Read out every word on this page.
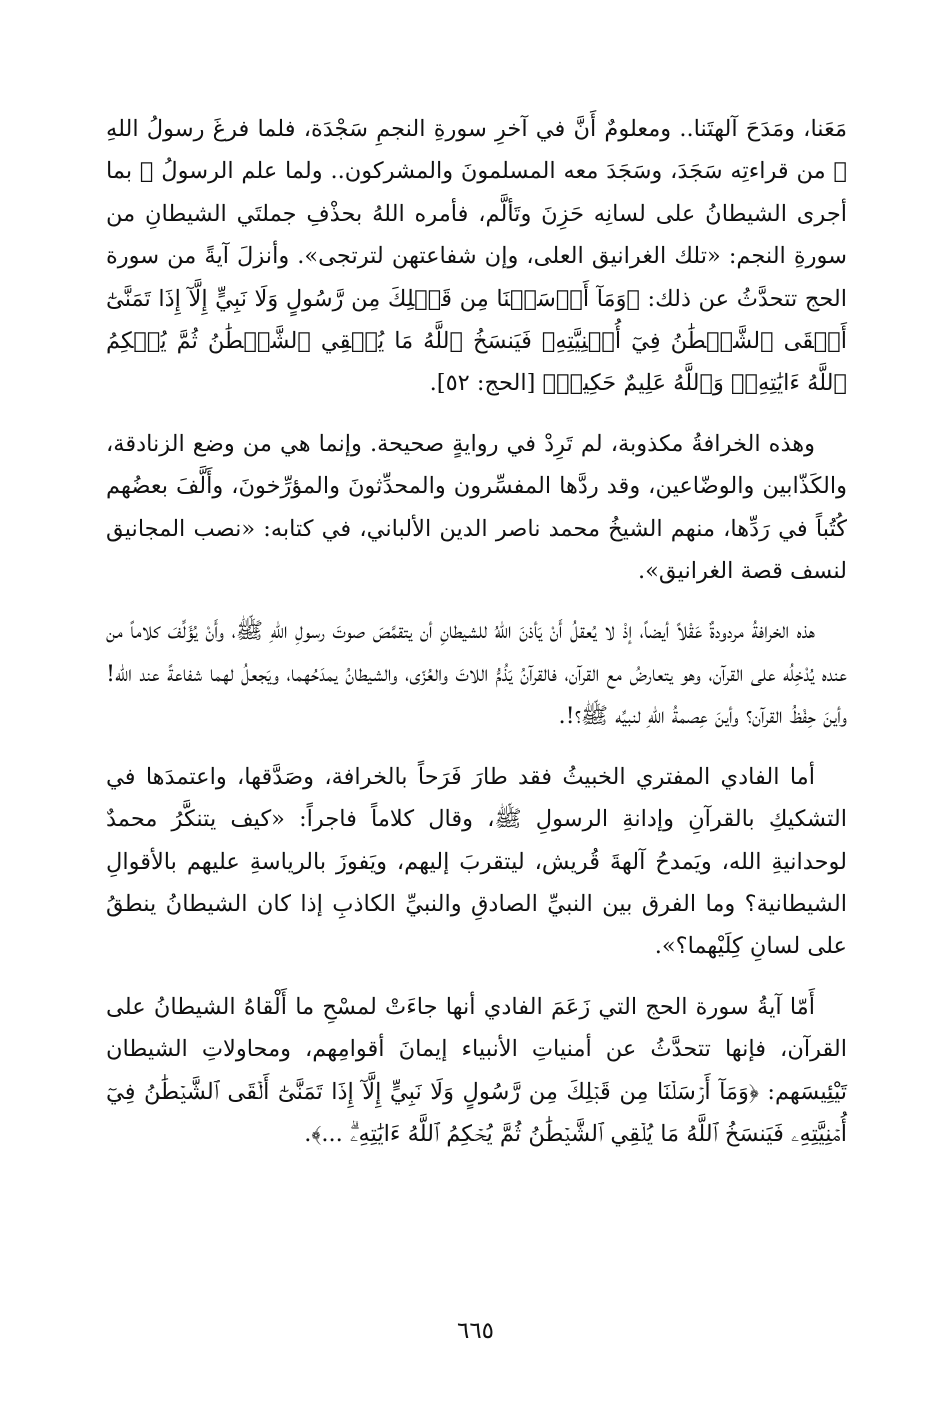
مَعَنا، ومَدَحَ آلهتَنا.. ومعلومٌ أَنَّ في آخرِ سورةِ النجمِ سَجْدَة، فلما فرغَ رسولُ اللهِ ﷺ من قراءتِه سَجَدَ، وسَجَدَ معه المسلمونَ والمشركون.. ولما علم الرسولُ ﷺ بما أجرى الشيطانُ على لسانِه حَزِنَ وتَألَّم، فأمره اللهُ بحذْفِ جملتَي الشيطانِ من سورةِ النجم: «تلك الغرانيق العلى، وإن شفاعتهن لترتجى». وأنزلَ آيةً من سورة الحج تتحدَّثُ عن ذلك: ﴿وَمَآ أَرۡسَلۡنَا مِن قَبۡلِكَ مِن رَّسُولٍ وَلَا نَبِيٍّ إِلَّآ إِذَا تَمَنَّىٰٓ أَلۡقَى ٱلشَّيۡطَٰنُ فِيٓ أُمۡنِيَّتِهِۦ فَيَنسَخُ ٱللَّهُ مَا يُلۡقِي ٱلشَّيۡطَٰنُ ثُمَّ يُحۡكِمُ ٱللَّهُ ءَايَٰتِهِۦۗ وَٱللَّهُ عَلِيمٌ حَكِيمٞ﴾ [الحج: ٥٢].

وهذه الخرافةُ مكذوبة، لم تَرِدْ في روايةٍ صحيحة. وإنما هي من وضع الزنادقة، والكَذّابين والوضّاعين، وقد ردَّها المفسِّرون والمحدِّثونَ والمؤرِّخونَ، وأَلَّفَ بعضُهم كُتُباً في رَدِّها، منهم الشيخُ محمد ناصر الدين الألباني، في كتابه: «نصب المجانيق لنسف قصة الغرانيق».

هذه الخرافةُ مردودةٌ عَقْلاً أيضاً، إذْ لا يُعقلُ أَنْ يَأذنَ اللهُ للشيطانِ أن يتقمَّصَ صوتَ رسولِ اللهِ ﷺ، وأَنْ يُؤَلِّفَ كلاماً من عنده يُدْخِلُه على القرآن، وهو يتعارضُ مع القرآن، فالقرآنُ يَذُمُّ اللاتَ والعُزّى، والشيطانُ يمدَحُهما، ويَجعلُ لهما شفاعةً عند الله! وأينَ حِفْظُ القرآن؟ وأينَ عِصمةُ اللهِ لنبيِّه ﷺ؟!.

أما الفادي المفتري الخبيثُ فقد طارَ فَرَحاً بالخرافة، وصَدَّقها، واعتمدَها في التشكيكِ بالقرآنِ وإدانةِ الرسولِ ﷺ، وقال كلاماً فاجراً: «كيف يتنكَّرُ محمدٌ لوحدانيةِ الله، ويَمدحُ آلهةَ قُريش، ليتقربَ إليهم، ويَفوزَ بالرياسةِ عليهم بالأقوالِ الشيطانية؟ وما الفرق بين النبيِّ الصادقِ والنبيِّ الكاذبِ إذا كان الشيطانُ ينطقُ على لسانِ كِلَيْهما؟».

أَمّا آيةُ سورة الحج التي زَعَمَ الفادي أنها جاءَتْ لمسْحِ ما أَلْقاهُ الشيطانُ على القرآن، فإنها تتحدَّثُ عن أمنياتِ الأنبياء إيمانَ أقوامِهم، ومحاولاتِ الشيطان تَيْئِيسَهم: ﴿وَمَآ أَرۡسَلۡنَا مِن قَبۡلِكَ مِن رَّسُولٍ وَلَا نَبِيٍّ إِلَّآ إِذَا تَمَنَّىٰٓ أَلۡقَى ٱلشَّيۡطَٰنُ فِيٓ أُمۡنِيَّتِهِۦ فَيَنسَخُ ٱللَّهُ مَا يُلۡقِي ٱلشَّيۡطَٰنُ ثُمَّ يُحۡكِمُ ٱللَّهُ ءَايَٰتِهِۦۗ ...﴾.

٦٦٥
